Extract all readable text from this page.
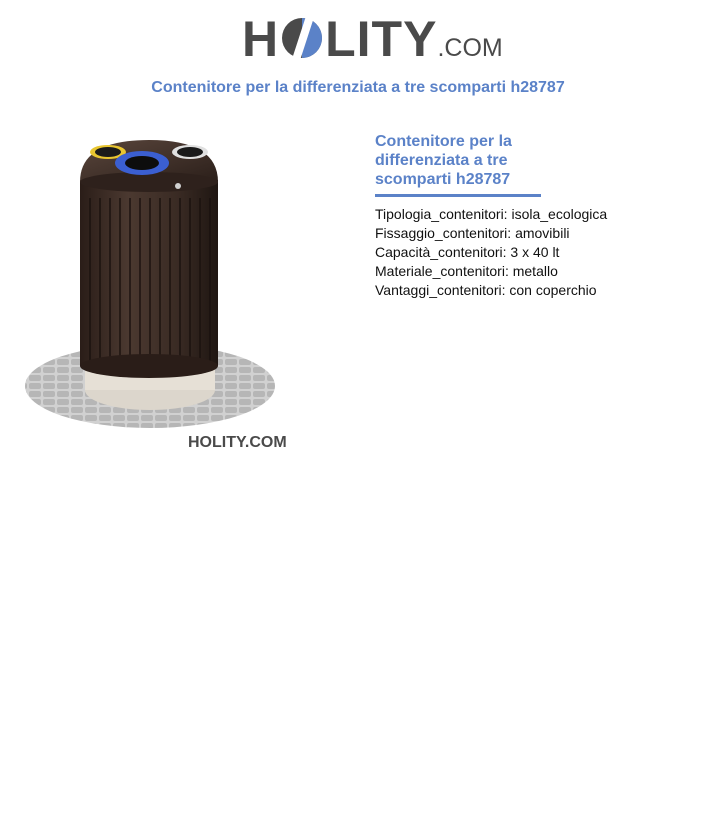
H LITY.COM
Contenitore per la differenziata a tre scomparti h28787
HOLITY.COM
Contenitore per la
differenziata a tre
scomparti h28787
Tipologia_contenitori: isola_ecologica
Fissaggio_contenitori: amovibili
Capacità_contenitori: 3 x 40 lt
Materiale_contenitori: metallo
Vantaggi_contenitori: con coperchio
